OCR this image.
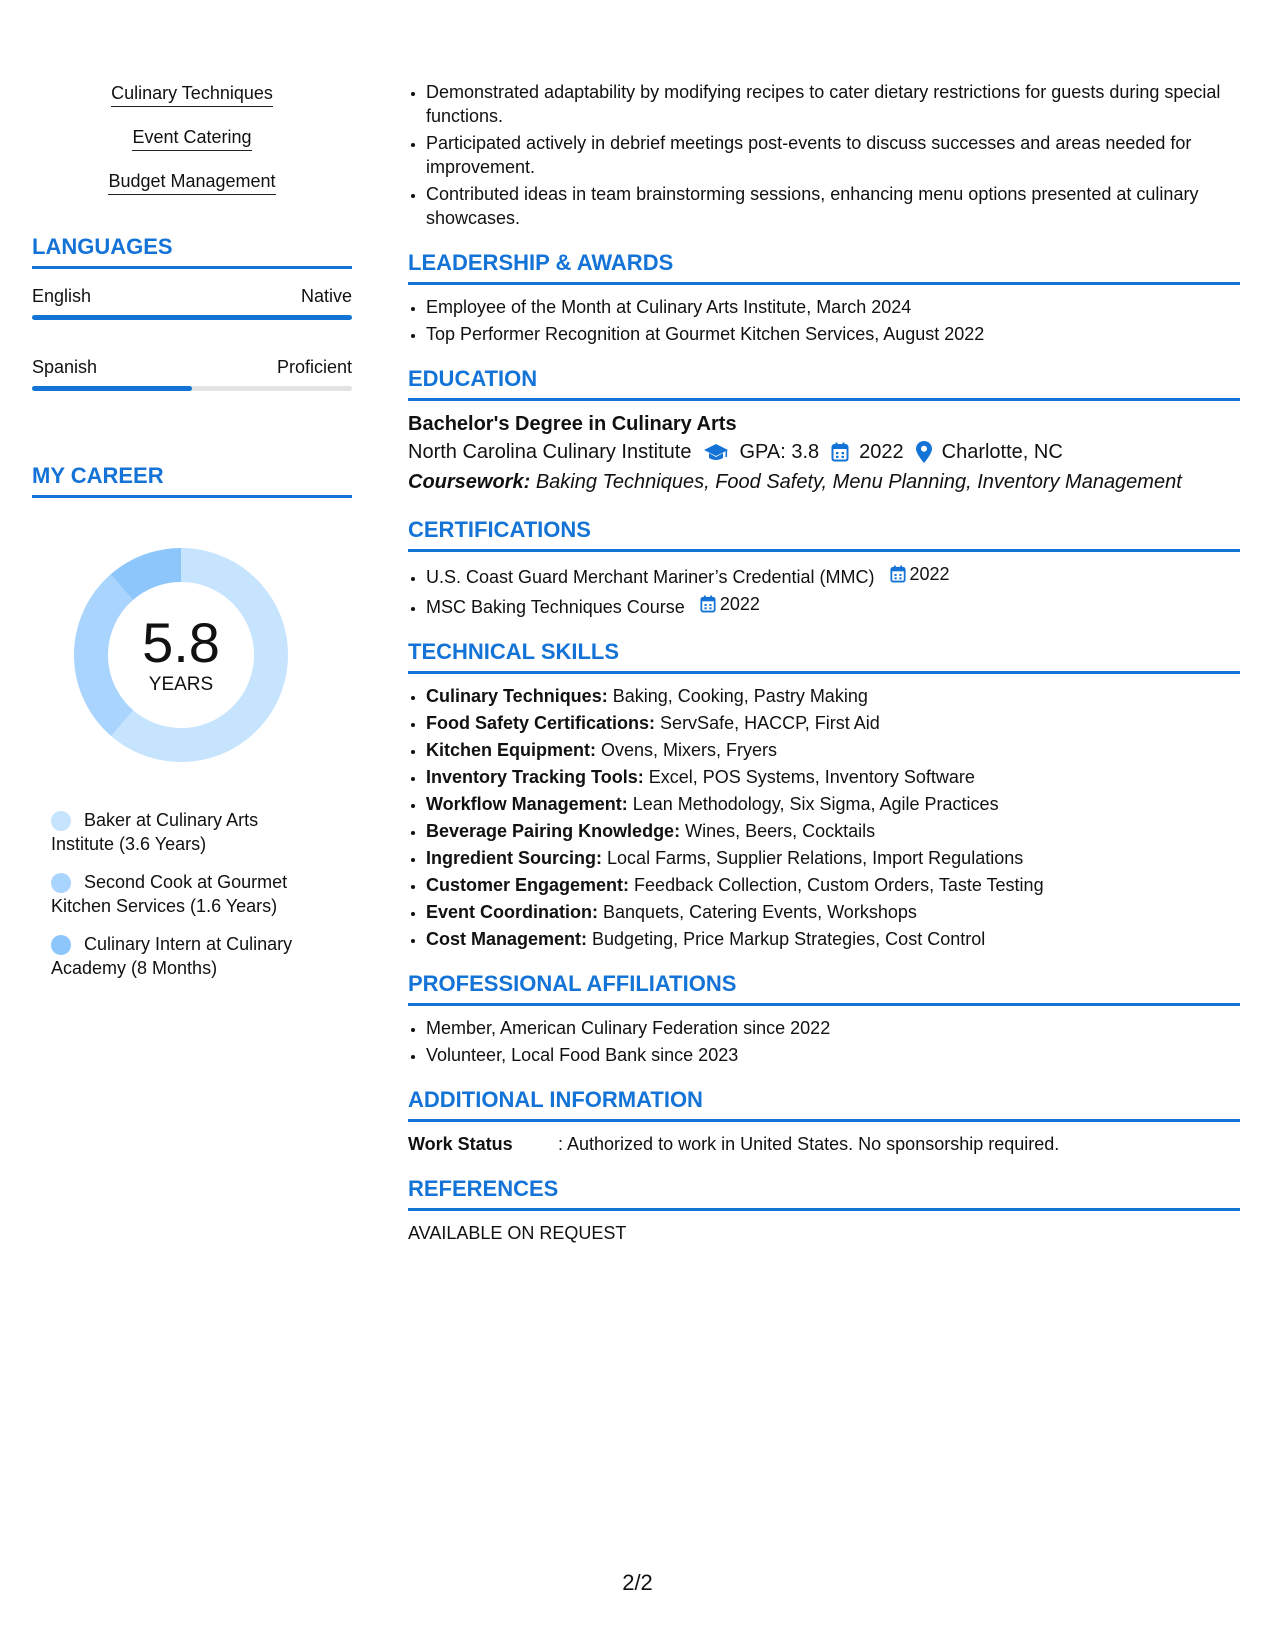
Culinary Techniques
Event Catering
Budget Management
LANGUAGES
English	Native
Spanish	Proficient
MY CAREER
5.8
YEARS
Baker at Culinary Arts Institute (3.6 Years)
Second Cook at Gourmet Kitchen Services (1.6 Years)
Culinary Intern at Culinary Academy (8 Months)
• Demonstrated adaptability by modifying recipes to cater dietary restrictions for guests during special functions.
• Participated actively in debrief meetings post-events to discuss successes and areas needed for improvement.
• Contributed ideas in team brainstorming sessions, enhancing menu options presented at culinary showcases.
LEADERSHIP & AWARDS
• Employee of the Month at Culinary Arts Institute, March 2024
• Top Performer Recognition at Gourmet Kitchen Services, August 2022
EDUCATION
Bachelor's Degree in Culinary Arts
North Carolina Culinary Institute GPA: 3.8 2022 Charlotte, NC
Coursework: Baking Techniques, Food Safety, Menu Planning, Inventory Management
CERTIFICATIONS
• U.S. Coast Guard Merchant Mariner’s Credential (MMC) 2022
• MSC Baking Techniques Course 2022
TECHNICAL SKILLS
• Culinary Techniques: Baking, Cooking, Pastry Making
• Food Safety Certifications: ServSafe, HACCP, First Aid
• Kitchen Equipment: Ovens, Mixers, Fryers
• Inventory Tracking Tools: Excel, POS Systems, Inventory Software
• Workflow Management: Lean Methodology, Six Sigma, Agile Practices
• Beverage Pairing Knowledge: Wines, Beers, Cocktails
• Ingredient Sourcing: Local Farms, Supplier Relations, Import Regulations
• Customer Engagement: Feedback Collection, Custom Orders, Taste Testing
• Event Coordination: Banquets, Catering Events, Workshops
• Cost Management: Budgeting, Price Markup Strategies, Cost Control
PROFESSIONAL AFFILIATIONS
• Member, American Culinary Federation since 2022
• Volunteer, Local Food Bank since 2023
ADDITIONAL INFORMATION
Work Status	: Authorized to work in United States. No sponsorship required.
REFERENCES
AVAILABLE ON REQUEST
2/2
